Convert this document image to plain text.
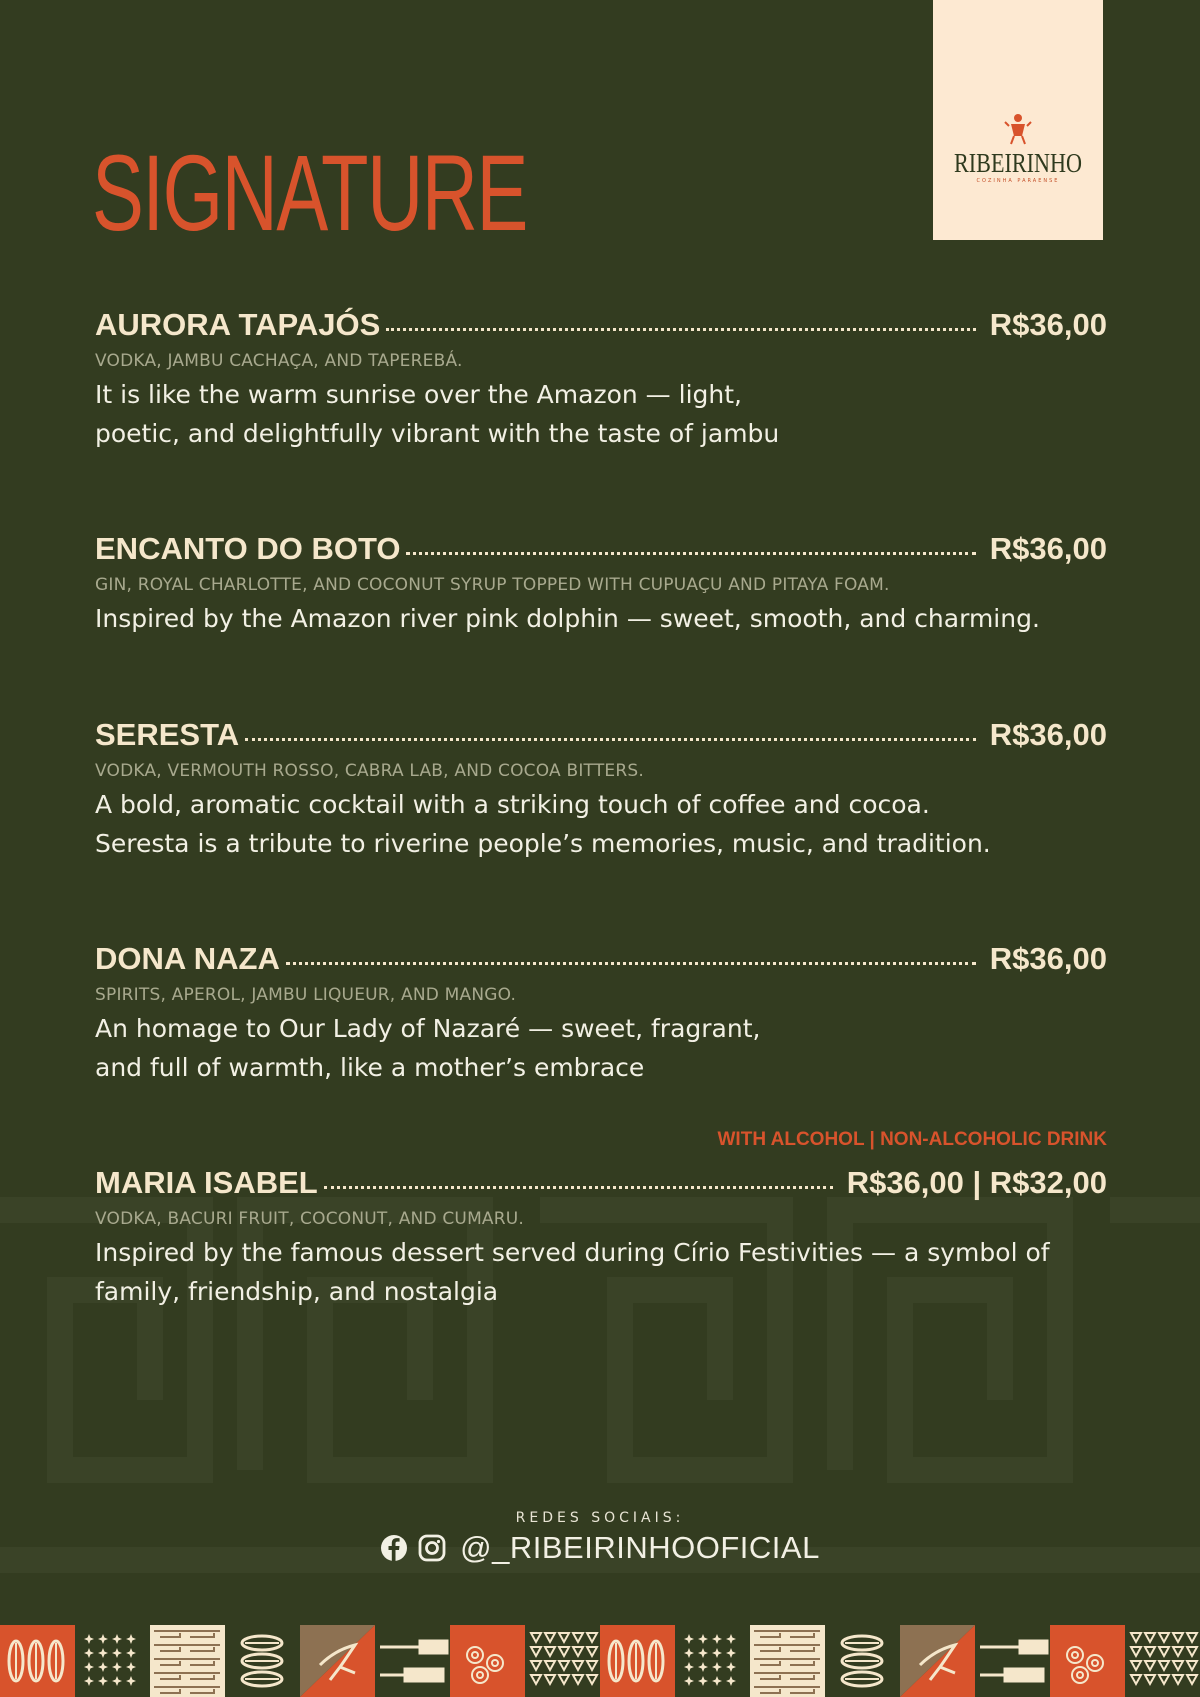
RIBEIRINHO
COZINHA PARAENSE
SIGNATURE
AURORA TAPAJÓS	R$36,00
VODKA, JAMBU CACHAÇA, AND TAPEREBÁ.
It is like the warm sunrise over the Amazon — light,
poetic, and delightfully vibrant with the taste of jambu
ENCANTO DO BOTO	R$36,00
GIN, ROYAL CHARLOTTE, AND COCONUT SYRUP TOPPED WITH CUPUAÇU AND PITAYA FOAM.
Inspired by the Amazon river pink dolphin — sweet, smooth, and charming.
SERESTA	R$36,00
VODKA, VERMOUTH ROSSO, CABRA LAB, AND COCOA BITTERS.
A bold, aromatic cocktail with a striking touch of coffee and cocoa.
Seresta is a tribute to riverine people’s memories, music, and tradition.
DONA NAZA	R$36,00
SPIRITS, APEROL, JAMBU LIQUEUR, AND MANGO.
An homage to Our Lady of Nazaré — sweet, fragrant,
and full of warmth, like a mother’s embrace
WITH ALCOHOL | NON-ALCOHOLIC DRINK
MARIA ISABEL	R$36,00 | R$32,00
VODKA, BACURI FRUIT, COCONUT, AND CUMARU.
Inspired by the famous dessert served during Círio Festivities — a symbol of
family, friendship, and nostalgia
REDES SOCIAIS:
@_RIBEIRINHOOFICIAL
